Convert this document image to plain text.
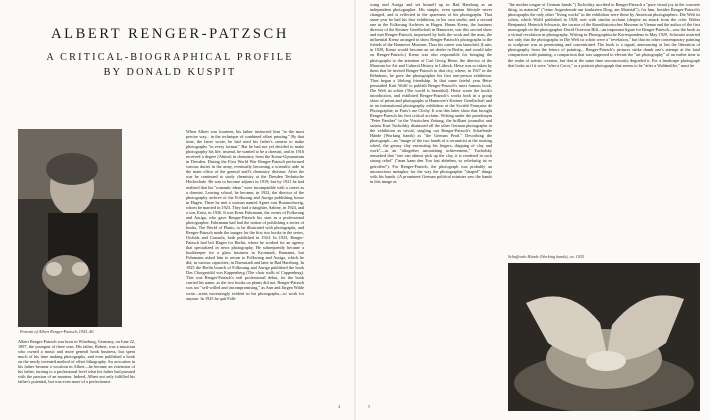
ALBERT RENGER-PATZSCH
A CRITICAL-BIOGRAPHICAL PROFILE
BY DONALD KUSPIT
Portrait of Albert Renger-Patzsch, 1943–46

Albert Renger-Patzsch was born in Würzburg, Germany, on June 22, 1897, the youngest of three sons. His father, Robert, was a musician who owned a music and more general book business, but spent much of his time making photographs, and even published a book on the newly invented method of offset lithography. An avocation in his father became a vocation in Albert—he became an extension of his father, turning to a professional level what his father had pursued with the passion of an amateur. Indeed, Albert not only fulfilled his father's potential, but was even more of a perfectionist.

When Albert was fourteen, his father instructed him "in the most precise way... in the technique of combined offset printing." By that time, the latter wrote, he had used his father's camera to make photographs "in every format." But he had not yet decided to make photography his life; instead, he wanted to be a chemist, and in 1916 received a degree (Abitur) in chemistry from the Kreuz-Gymnasium in Dresden. During the First World War Renger-Patzsch performed various duties in the army, eventually becoming a scientific aide in the main office of the general staff's chemistry division. After the war he continued to study chemistry at the Dresden Technische Hochschule. He was to become adjunct in 1919; but by 1921 he had realized that his "romantic ideas" were incompatible with a career as a chemist. Leaving school, he became, in 1922, the director of the photography archive of the Folkwang and Auriga publishing house in Hagen. There he met a woman named Agnes von Braunschweig, whom he married in 1923. They had a daughter, Sabine, in 1924, and a son, Ernst, in 1926. It was Ernst Fuhrmann, the owner of Folkwang and Auriga, who gave Renger-Patzsch his start as a professional photographer. Fuhrmann had had the notion of publishing a series of books, The World of Plants, to be illustrated with photographs, and Renger-Patzsch made the images for the first two books in the series, Orchids and Crassula, both published in 1924. In 1923, Renger-Patzsch had left Hagen for Berlin, where he worked for an agency that specialized in news photography. He subsequently became a bookkeeper for a glass business in Kronstadt, Rumania, but Fuhrmann asked him to return to Folkwang and Auriga, which he did, in various capacities, in Darmstadt and later in Bad Harzburg. In 1925 the Berlin branch of Folkwang and Auriga published the book Das Chorgestühl von Kappenberg (The choir stalls of Cappenberg). This was Renger-Patzsch's real professional debut, for the book carried his name, as the two books on plants did not. Renger-Patzsch was too "self-willed and uncompromising," as Ann and Jürgen Wilde write—traits increasingly evident in his photographs—to work for anyone. In 1925 he quit Folk-

wang und Auriga and set himself up in Bad Harzburg as an independent photographer. His simple, even spartan lifestyle never changed, and is reflected in the spareness of his photographs. That same year he had his first exhibition, in his own studio, and a second one in the Folkwang Archives in Hagen. Hanns Krenz, the business director of the Kestner Gesellschaft in Hannover, saw this second show and met Renger-Patzsch, impressed by both the work and the man, the influential Krenz arranged to show Renger-Patzsch's photographs to the friends of the Hannover Museum. Thus his career was launched. (Later, in 1929, Krenz would become an art dealer in Berlin, and would take on Renger-Patzsch.) Krenz was also responsible for bringing the photographs to the attention of Carl Georg Heise, the director of the Museum for Art and Cultural History in Lübeck. Heise was so taken by them that he invited Renger-Patzsch to that city, where, in 1927 in the Behnhaus, he gave the photographer his first one-person exhibition. Thus began a lifelong friendship. In that same fateful year Heise persuaded Kurt Wolff to publish Renger-Patzsch's most famous book, Die Welt ist schön (The world is beautiful). Heise wrote the book's introduction, and exhibited Renger-Patzsch's works both in a group show of prints and photographs at Hannover's Kestner Gesellschaft and in an international photography exhibition at the Société Française de Photographie, in Paris's rue Clichy. It was this latter show that brought Renger-Patzsch his first critical acclaim. Writing under the pseudonym "Peter Panther" in the Vossischen Zeitung, the brilliant journalist and satirist Kurt Tucholsky dismissed all the other German photographs in the exhibition as trivial, singling out Renger-Patzsch's Schaffende Hände (Working hands) as "the German Pearl." Describing the photograph—an "image of the two hands of a ceramicist at the rotating wheel, the greasy clay encrusting his fingers, dripping of clay and work"—as an "altogether astonishing achievement," Tucholsky remarked that "one can almost pick up the clay, it is rendered in such strong relief" ("man kann den Ton fast abheben, so reliefartig ist es getroffen"). For Renger-Patzsch, the photograph was probably an unconscious metaphor for the way the photographer "shaped" things with his hands. (A prominent German political minister saw the hands in this image as

"the mother tongue of German hands.") Tucholsky ascribed to Renger-Patzsch a "pure visual joy in the concrete thing, in material" ("reine Augenfreude am konkreten Ding, am Material"); for him, besides Renger-Patzsch's photographs the only other "living works" in the exhibition were those by American photographers. Die Welt ist schön, which Wolff published in 1928, met with similar acclaim (despite an attack from the critic Walter Benjamin). Heinrich Schwartz, the curator of the Kunsthistorisches Museum in Vienna and the author of the first monograph on the photographer David Octavius Hill—an important figure for Renger-Patzsch—saw the book as a virtual revolution in photography. Writing in Photographische Korrespondenz in May 1929, Schwartz asserted not only that the photographs in Die Welt ist schön were a "revelation," but that no other contemporary painting or sculpture was as penetrating and concentrated. The book is a signal, announcing at last the liberation of photography from the fetters of painting... Renger-Patzsch's pictures strike dumb one's attempt at the fatal comparison with painting, a comparison that was supposed to elevate the "art photography" of an earlier time to the realm of artistic creation, but that at the same time unconsciously degraded it. For a landscape photograph that looks as if it were "after a Corot," or a portrait photograph that seems to be "after a Waldmüller," must be

Schaffende Hände (Working hands), ca. 1925
4	5
